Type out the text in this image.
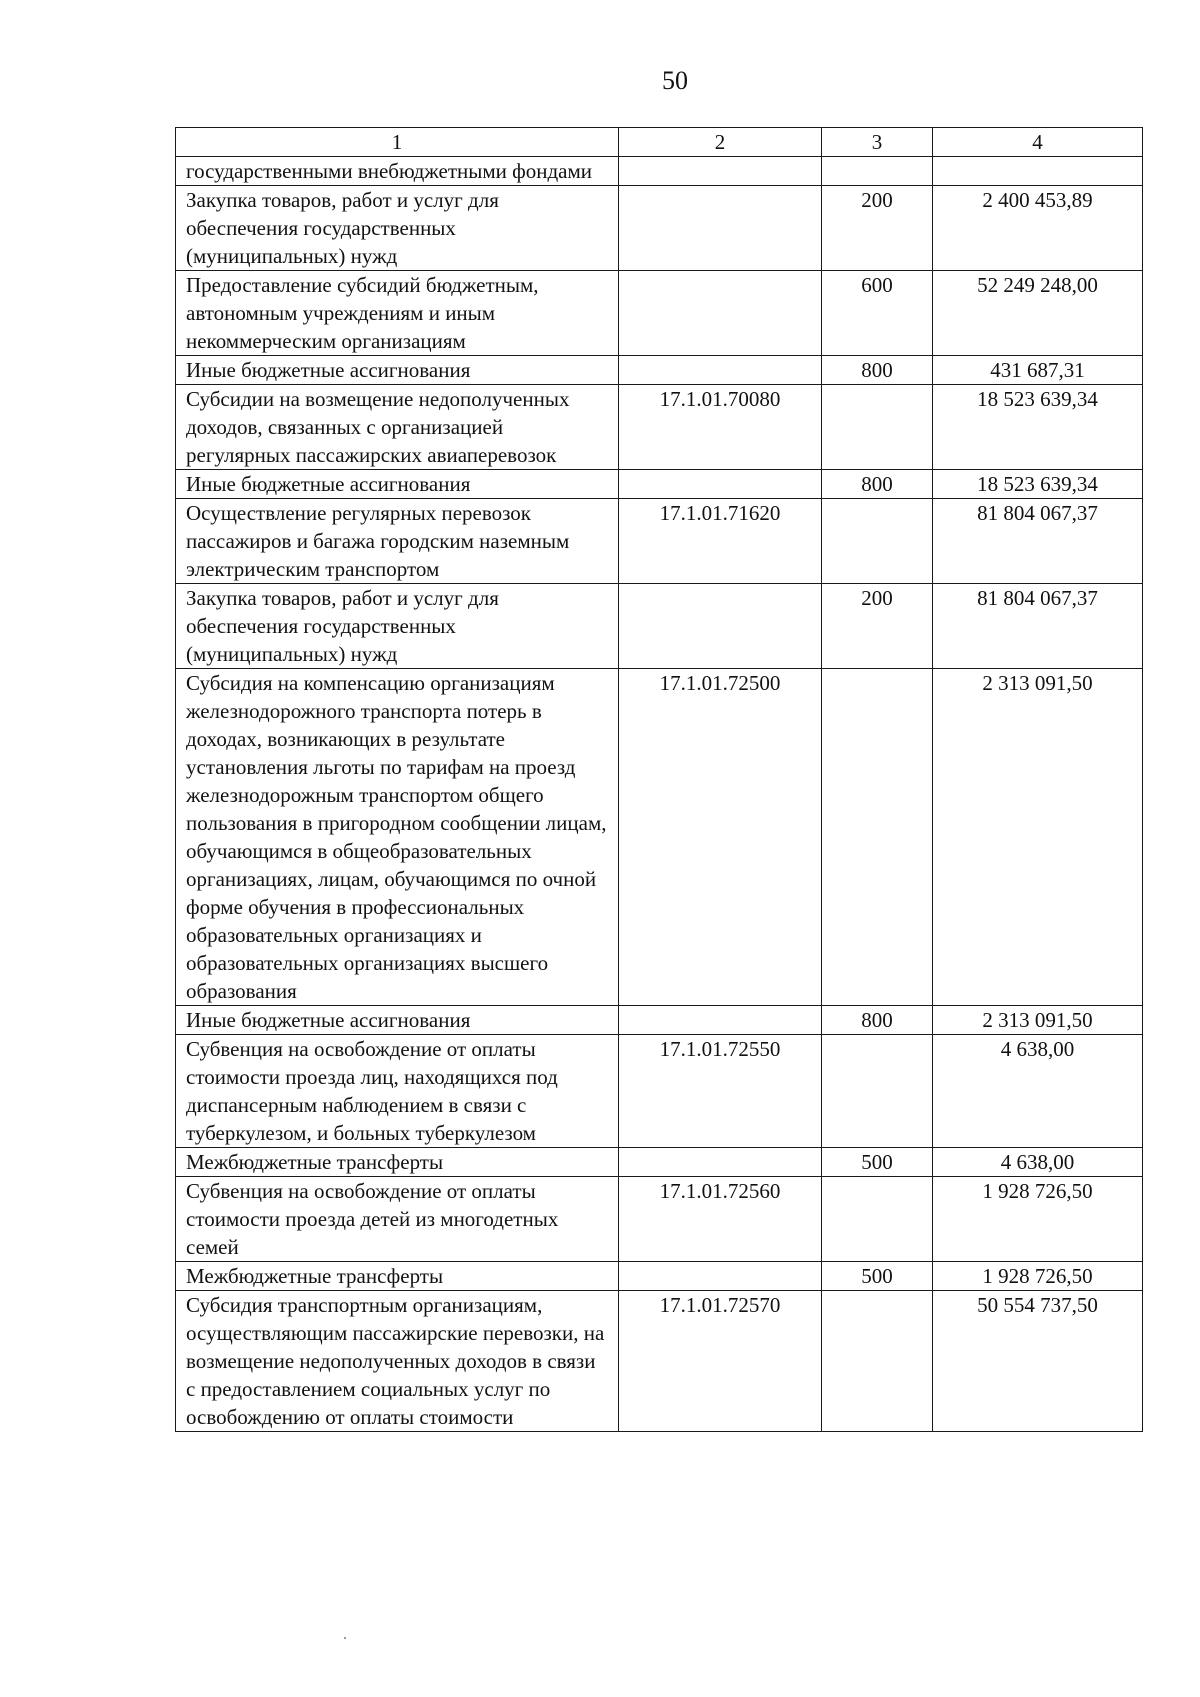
50
1	2	3	4
государственными внебюджетными фондами			
Закупка товаров, работ и услуг для обеспечения государственных (муниципальных) нужд		200	2 400 453,89
Предоставление субсидий бюджетным, автономным учреждениям и иным некоммерческим организациям		600	52 249 248,00
Иные бюджетные ассигнования		800	431 687,31
Субсидии на возмещение недополученных доходов, связанных с организацией регулярных пассажирских авиаперевозок	17.1.01.70080		18 523 639,34
Иные бюджетные ассигнования		800	18 523 639,34
Осуществление регулярных перевозок пассажиров и багажа городским наземным электрическим транспортом	17.1.01.71620		81 804 067,37
Закупка товаров, работ и услуг для обеспечения государственных (муниципальных) нужд		200	81 804 067,37
Субсидия на компенсацию организациям железнодорожного транспорта потерь в доходах, возникающих в результате установления льготы по тарифам на проезд железнодорожным транспортом общего пользования в пригородном сообщении лицам, обучающимся в общеобразовательных организациях, лицам, обучающимся по очной форме обучения в профессиональных образовательных организациях и образовательных организациях высшего образования	17.1.01.72500		2 313 091,50
Иные бюджетные ассигнования		800	2 313 091,50
Субвенция на освобождение от оплаты стоимости проезда лиц, находящихся под диспансерным наблюдением в связи с туберкулезом, и больных туберкулезом	17.1.01.72550		4 638,00
Межбюджетные трансферты		500	4 638,00
Субвенция на освобождение от оплаты стоимости проезда детей из многодетных семей	17.1.01.72560		1 928 726,50
Межбюджетные трансферты		500	1 928 726,50
Субсидия транспортным организациям, осуществляющим пассажирские перевозки, на возмещение недополученных доходов в связи с предоставлением социальных услуг по освобождению от оплаты стоимости	17.1.01.72570		50 554 737,50
